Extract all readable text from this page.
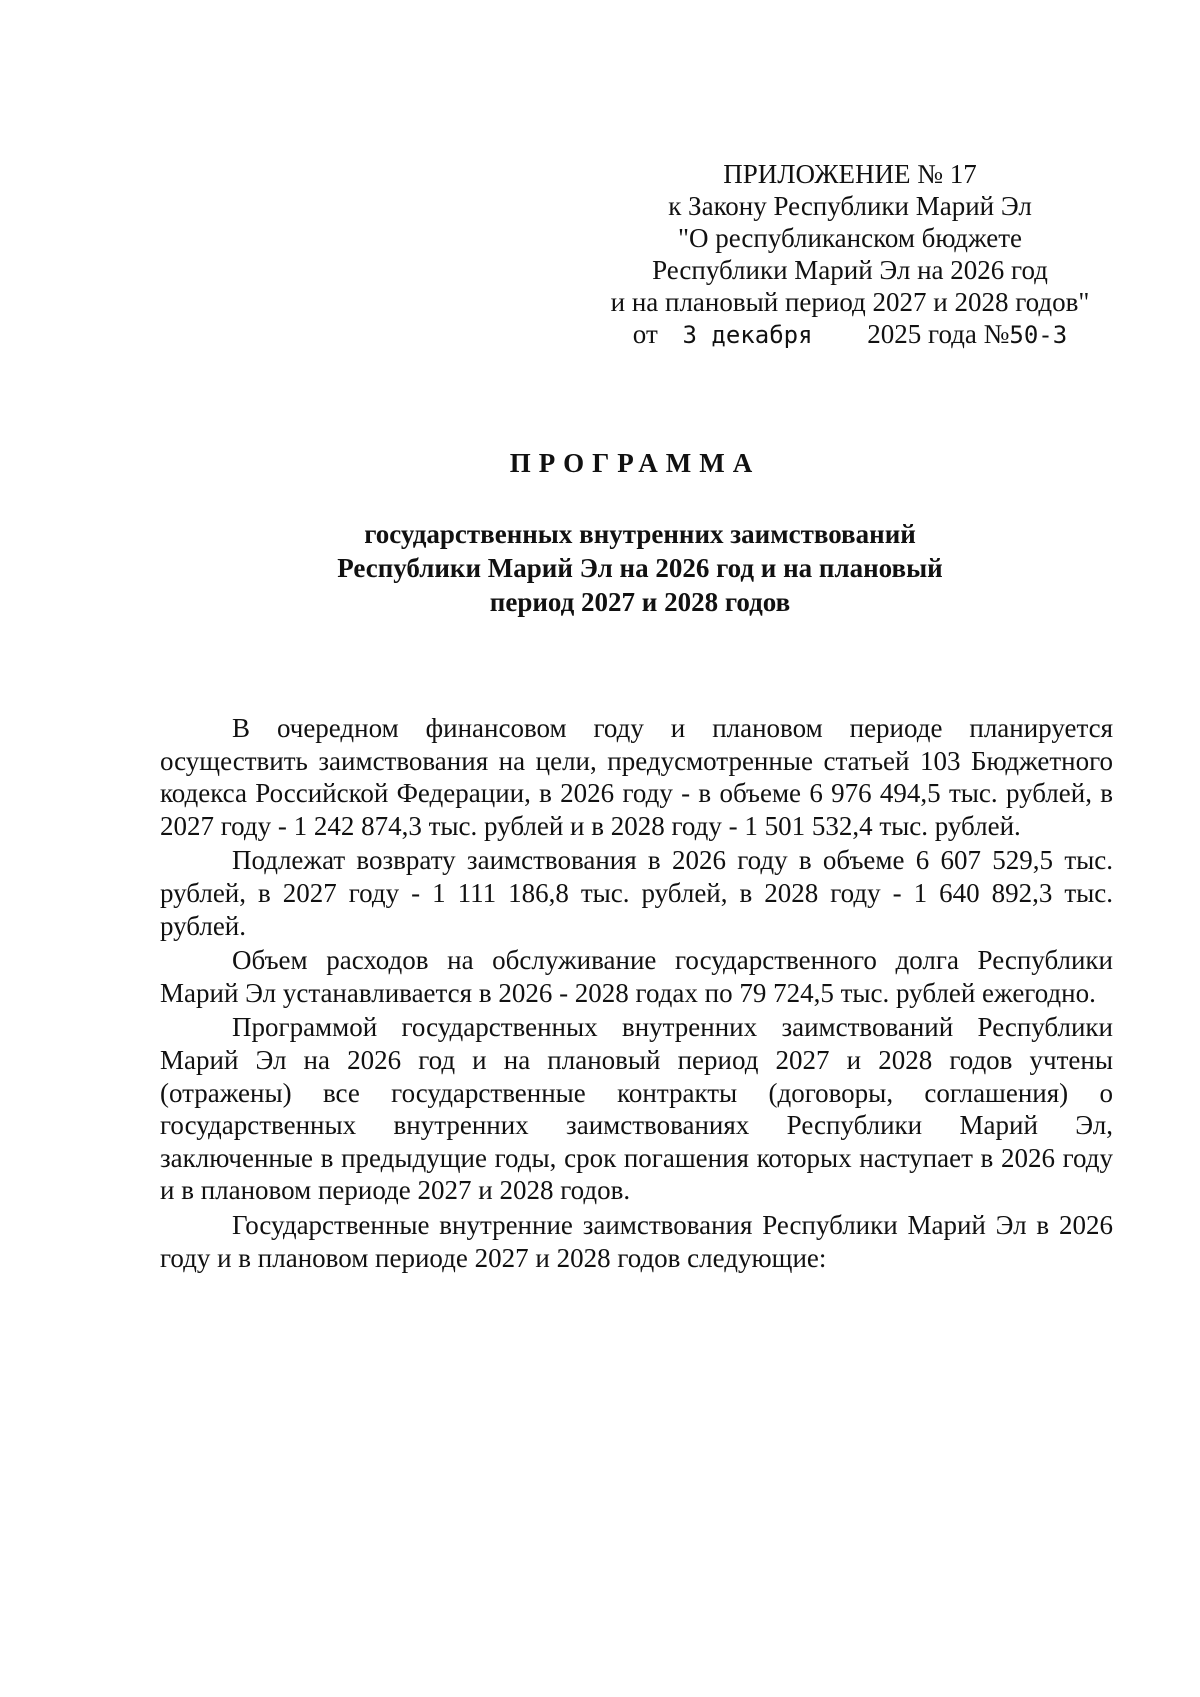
ПРИЛОЖЕНИЕ № 17
к Закону Республики Марий Эл
"О республиканском бюджете
Республики Марий Эл на 2026 год
и на плановый период 2027 и 2028 годов"
от 3 декабря 2025 года №50-З
ПРОГРАММА
государственных внутренних заимствований
Республики Марий Эл на 2026 год и на плановый
период 2027 и 2028 годов

В очередном финансовом году и плановом периоде планируется осуществить заимствования на цели, предусмотренные статьей 103 Бюджетного кодекса Российской Федерации, в 2026 году - в объеме 6 976 494,5 тыс. рублей, в 2027 году - 1 242 874,3 тыс. рублей и в 2028 году - 1 501 532,4 тыс. рублей.

Подлежат возврату заимствования в 2026 году в объеме 6 607 529,5 тыс. рублей, в 2027 году - 1 111 186,8 тыс. рублей, в 2028 году - 1 640 892,3 тыс. рублей.

Объем расходов на обслуживание государственного долга Республики Марий Эл устанавливается в 2026 - 2028 годах по 79 724,5 тыс. рублей ежегодно.

Программой государственных внутренних заимствований Республики Марий Эл на 2026 год и на плановый период 2027 и 2028 годов учтены (отражены) все государственные контракты (договоры, соглашения) о государственных внутренних заимствованиях Республики Марий Эл, заключенные в предыдущие годы, срок погашения которых наступает в 2026 году и в плановом периоде 2027 и 2028 годов.

Государственные внутренние заимствования Республики Марий Эл в 2026 году и в плановом периоде 2027 и 2028 годов следующие:
